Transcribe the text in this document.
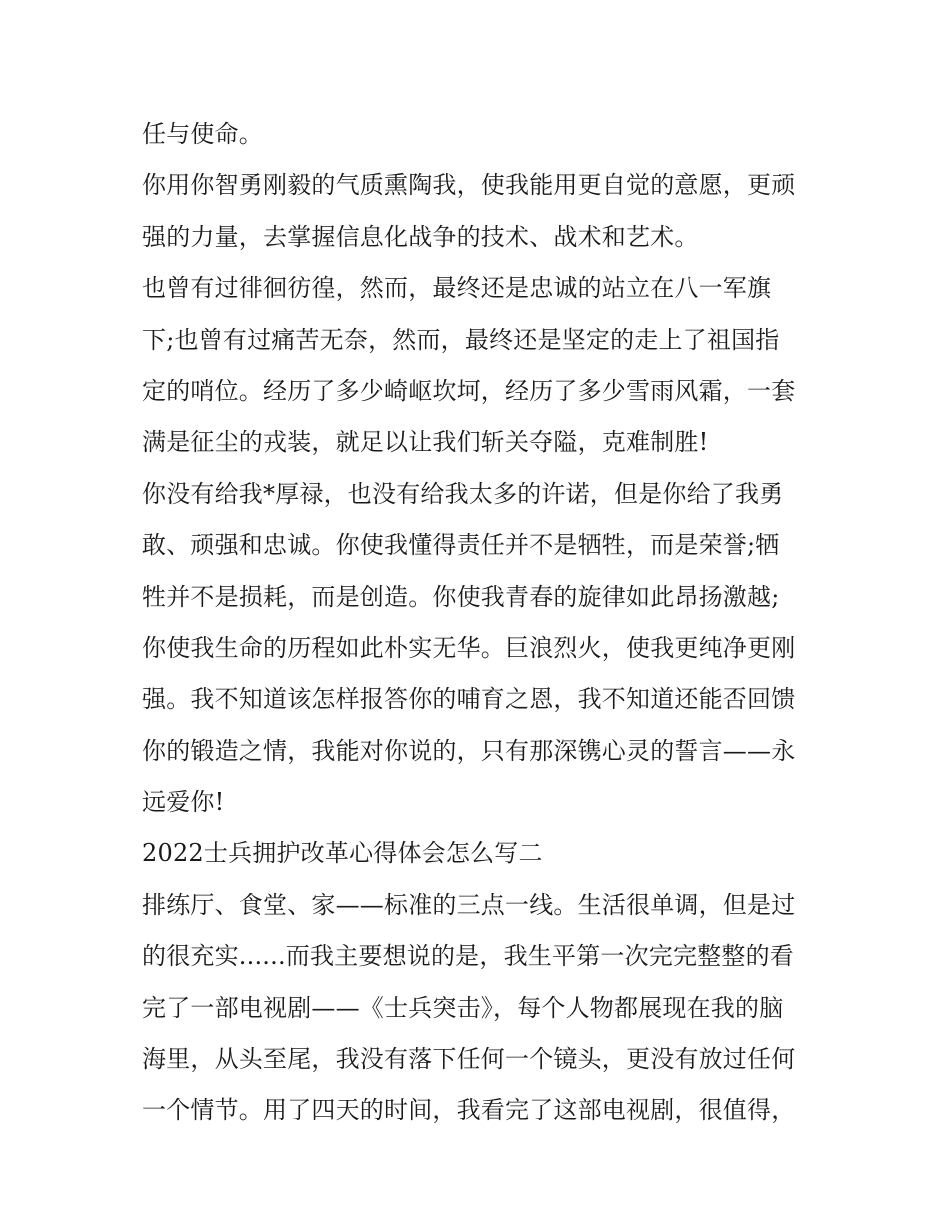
任与使命。
你用你智勇刚毅的气质熏陶我，使我能用更自觉的意愿，更顽
强的力量，去掌握信息化战争的技术、战术和艺术。
也曾有过徘徊彷徨，然而，最终还是忠诚的站立在八一军旗
下;也曾有过痛苦无奈，然而，最终还是坚定的走上了祖国指
定的哨位。经历了多少崎岖坎坷，经历了多少雪雨风霜，一套
满是征尘的戎装，就足以让我们斩关夺隘，克难制胜!
你没有给我*厚禄，也没有给我太多的许诺，但是你给了我勇
敢、顽强和忠诚。你使我懂得责任并不是牺牲，而是荣誉;牺
牲并不是损耗，而是创造。你使我青春的旋律如此昂扬激越;
你使我生命的历程如此朴实无华。巨浪烈火，使我更纯净更刚
强。我不知道该怎样报答你的哺育之恩，我不知道还能否回馈
你的锻造之情，我能对你说的，只有那深镌心灵的誓言——永
远爱你!
2022士兵拥护改革心得体会怎么写二
排练厅、食堂、家——标准的三点一线。生活很单调，但是过
的很充实......而我主要想说的是，我生平第一次完完整整的看
完了一部电视剧——《士兵突击》，每个人物都展现在我的脑
海里，从头至尾，我没有落下任何一个镜头，更没有放过任何
一个情节。用了四天的时间，我看完了这部电视剧，很值得，
